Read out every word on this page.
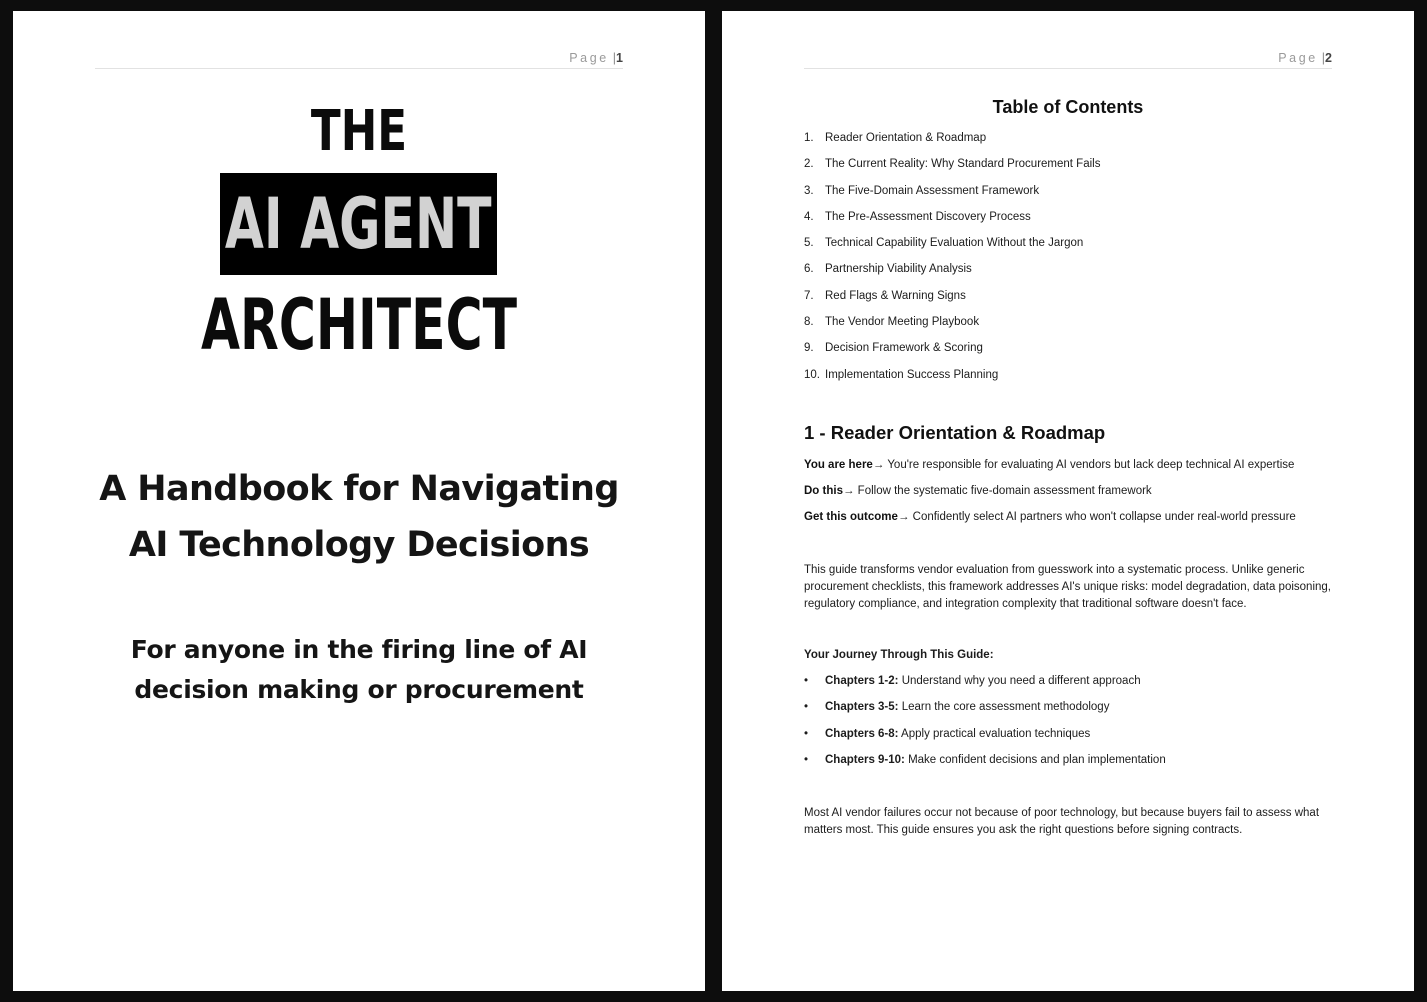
Page |1
THE
AI AGENT
ARCHITECT
A Handbook for Navigating AI Technology Decisions
For anyone in the firing line of AI decision making or procurement
Page |2
Table of Contents
1. Reader Orientation & Roadmap
2. The Current Reality: Why Standard Procurement Fails
3. The Five-Domain Assessment Framework
4. The Pre-Assessment Discovery Process
5. Technical Capability Evaluation Without the Jargon
6. Partnership Viability Analysis
7. Red Flags & Warning Signs
8. The Vendor Meeting Playbook
9. Decision Framework & Scoring
10. Implementation Success Planning
1 - Reader Orientation & Roadmap
You are here→ You're responsible for evaluating AI vendors but lack deep technical AI expertise
Do this→ Follow the systematic five-domain assessment framework
Get this outcome→ Confidently select AI partners who won't collapse under real-world pressure
This guide transforms vendor evaluation from guesswork into a systematic process. Unlike generic procurement checklists, this framework addresses AI's unique risks: model degradation, data poisoning, regulatory compliance, and integration complexity that traditional software doesn't face.
Your Journey Through This Guide:
• Chapters 1-2: Understand why you need a different approach
• Chapters 3-5: Learn the core assessment methodology
• Chapters 6-8: Apply practical evaluation techniques
• Chapters 9-10: Make confident decisions and plan implementation
Most AI vendor failures occur not because of poor technology, but because buyers fail to assess what matters most. This guide ensures you ask the right questions before signing contracts.
